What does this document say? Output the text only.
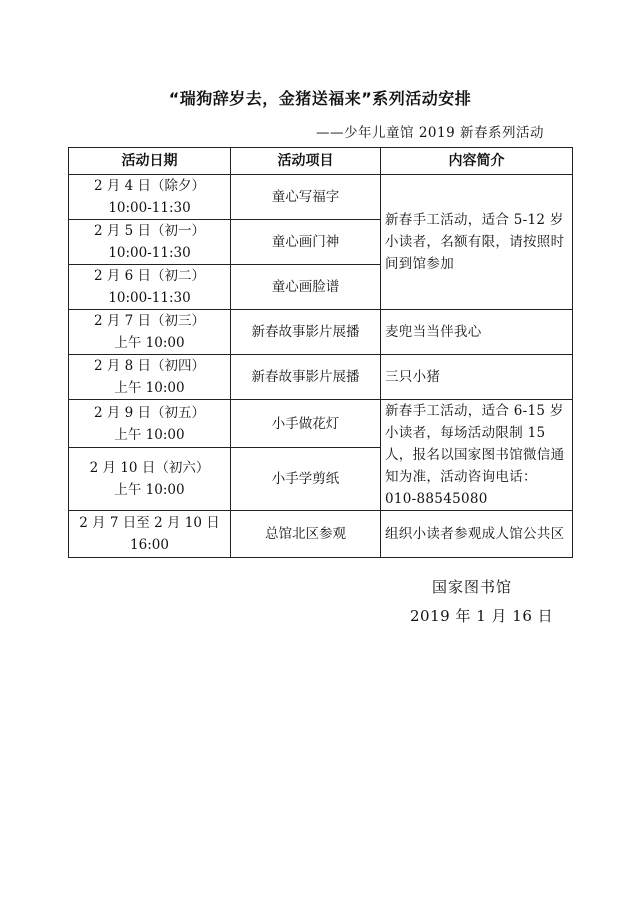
“瑞狗辞岁去，金猪送福来”系列活动安排
——少年儿童馆 2019 新春系列活动
活动日期	活动项目	内容简介

2 月 4 日（除夕）
10:00-11:30	童心写福字	新春手工活动，适合 5-12 岁小读者，名额有限，请按照时间到馆参加

2 月 5 日（初一）
10:00-11:30	童心画门神	

2 月 6 日（初二）
10:00-11:30	童心画脸谱	

2 月 7 日（初三）
上午 10:00	新春故事影片展播	麦兜当当伴我心

2 月 8 日（初四）
上午 10:00	新春故事影片展播	三只小猪

2 月 9 日（初五）
上午 10:00	小手做花灯	新春手工活动，适合 6-15 岁小读者，每场活动限制 15 人，报名以国家图书馆微信通知为准，活动咨询电话：010-88545080

2 月 10 日（初六）
上午 10:00	小手学剪纸	

2 月 7 日至 2 月 10 日
16:00	总馆北区参观	组织小读者参观成人馆公共区
国家图书馆
2019 年 1 月 16 日
